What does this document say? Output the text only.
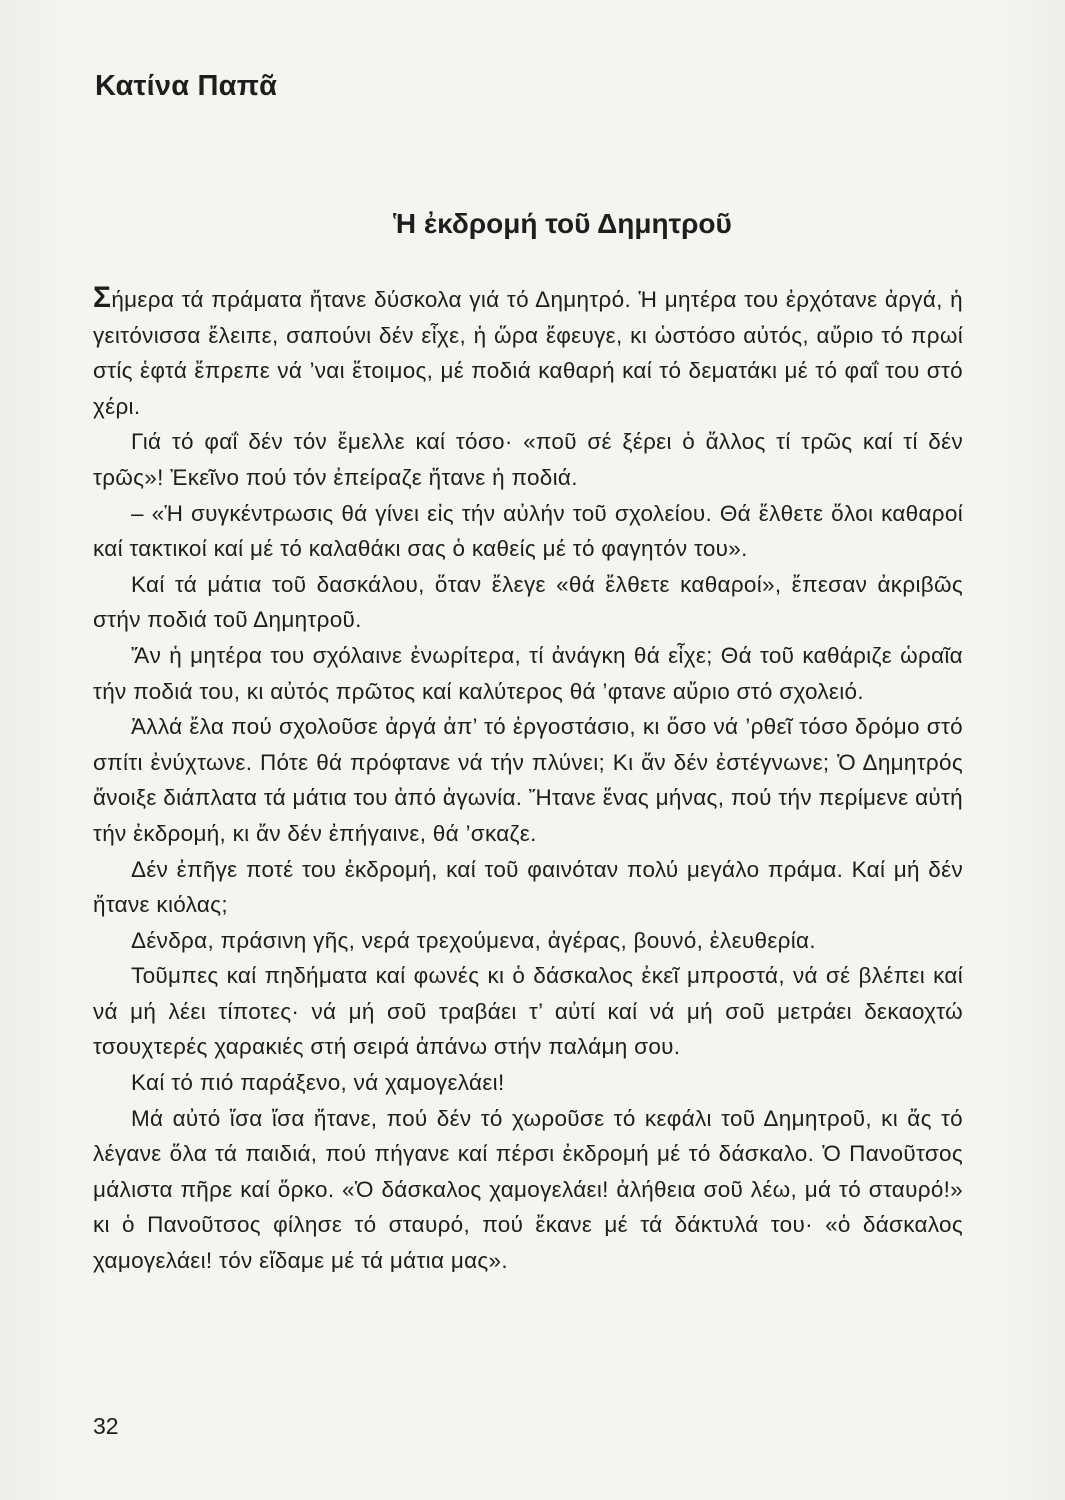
Κατίνα Παπᾶ
Ἡ ἐκδρομή τοῦ Δημητροῦ

Σήμερα τά πράματα ἤτανε δύσκολα γιά τό Δημητρό. Ἡ μητέρα του ἐρχότανε ἀργά, ἡ γειτόνισσα ἔλειπε, σαπούνι δέν εἶχε, ἡ ὥρα ἔφευγε, κι ὡστόσο αὐτός, αὔριο τό πρωί στίς ἑφτά ἔπρεπε νά ’ναι ἕτοιμος, μέ ποδιά καθαρή καί τό δεματάκι μέ τό φαΐ του στό χέρι.

Γιά τό φαΐ δέν τόν ἔμελλε καί τόσο· «ποῦ σέ ξέρει ὁ ἄλλος τί τρῶς καί τί δέν τρῶς»! Ἐκεῖνο πού τόν ἐπείραζε ἤτανε ἡ ποδιά.

– «Ἡ συγκέντρωσις θά γίνει εἰς τήν αὐλήν τοῦ σχολείου. Θά ἔλθετε ὅλοι καθαροί καί τακτικοί καί μέ τό καλαθάκι σας ὁ καθείς μέ τό φαγητόν του».

Καί τά μάτια τοῦ δασκάλου, ὅταν ἔλεγε «θά ἔλθετε καθαροί», ἔπεσαν ἀκριβῶς στήν ποδιά τοῦ Δημητροῦ.

Ἄν ἡ μητέρα του σχόλαινε ἐνωρίτερα, τί ἀνάγκη θά εἶχε; Θά τοῦ καθάριζε ὡραῖα τήν ποδιά του, κι αὐτός πρῶτος καί καλύτερος θά ’φτανε αὔριο στό σχολειό.

Ἀλλά ἔλα πού σχολοῦσε ἀργά ἀπ’ τό ἐργοστάσιο, κι ὅσο νά ’ρθεῖ τόσο δρόμο στό σπίτι ἐνύχτωνε. Πότε θά πρόφτανε νά τήν πλύνει; Κι ἄν δέν ἐστέγνωνε; Ὁ Δημητρός ἄνοιξε διάπλατα τά μάτια του ἀπό ἀγωνία. Ἤτανε ἕνας μήνας, πού τήν περίμενε αὐτή τήν ἐκδρομή, κι ἄν δέν ἐπήγαινε, θά ’σκαζε.

Δέν ἐπῆγε ποτέ του ἐκδρομή, καί τοῦ φαινόταν πολύ μεγάλο πράμα. Καί μή δέν ἤτανε κιόλας;

Δένδρα, πράσινη γῆς, νερά τρεχούμενα, ἀγέρας, βουνό, ἐλευθερία.

Τοῦμπες καί πηδήματα καί φωνές κι ὁ δάσκαλος ἐκεῖ μπροστά, νά σέ βλέπει καί νά μή λέει τίποτες· νά μή σοῦ τραβάει τ’ αὐτί καί νά μή σοῦ μετράει δεκαοχτώ τσουχτερές χαρακιές στή σειρά ἀπάνω στήν παλάμη σου.

Καί τό πιό παράξενο, νά χαμογελάει!

Μά αὐτό ἴσα ἴσα ἤτανε, πού δέν τό χωροῦσε τό κεφάλι τοῦ Δημητροῦ, κι ἄς τό λέγανε ὅλα τά παιδιά, πού πήγανε καί πέρσι ἐκδρομή μέ τό δάσκαλο. Ὁ Πανοῦτσος μάλιστα πῆρε καί ὅρκο. «Ὁ δάσκαλος χαμογελάει! ἀλήθεια σοῦ λέω, μά τό σταυρό!» κι ὁ Πανοῦτσος φίλησε τό σταυρό, πού ἔκανε μέ τά δάκτυλά του· «ὁ δάσκαλος χαμογελάει! τόν εἴδαμε μέ τά μάτια μας».

32
